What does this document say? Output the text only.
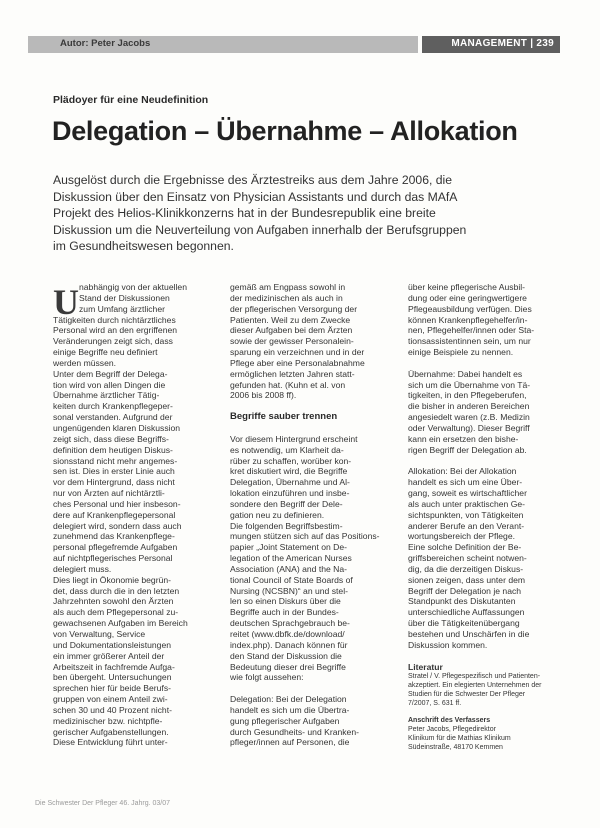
Autor: Peter Jacobs	MANAGEMENT | 239
Plädoyer für eine Neudefinition
Delegation – Übernahme – Allokation
Ausgelöst durch die Ergebnisse des Ärztestreiks aus dem Jahre 2006, die
Diskussion über den Einsatz von Physician Assistants und durch das MAfA
Projekt des Helios-Klinikkonzerns hat in der Bundesrepublik eine breite
Diskussion um die Neuverteilung von Aufgaben innerhalb der Berufsgruppen
im Gesundheitswesen begonnen.
U nabhängig von der aktuellen
Stand der Diskussionen
zum Umfang ärztlicher
Tätigkeiten durch nichtärztliches
Personal wird an den ergriffenen
Veränderungen zeigt sich, dass
einige Begriffe neu definiert
werden müssen.
Unter dem Begriff der Delega-
tion wird von allen Dingen die
Übernahme ärztlicher Tätig-
keiten durch Krankenpflegeper-
sonal verstanden. Aufgrund der
ungenügenden klaren Diskussion
zeigt sich, dass diese Begriffs-
definition dem heutigen Diskus-
sionsstand nicht mehr angemes-
sen ist. Dies in erster Linie auch
vor dem Hintergrund, dass nicht
nur von Ärzten auf nichtärztli-
ches Personal und hier insbeson-
dere auf Krankenpflegepersonal
delegiert wird, sondern dass auch
zunehmend das Krankenpflege-
personal pflegefremde Aufgaben
auf nichtpflegerisches Personal
delegiert muss.
Dies liegt in Ökonomie begrün-
det, dass durch die in den letzten
Jahrzehnten sowohl den Ärzten
als auch dem Pflegepersonal zu-
gewachsenen Aufgaben im Bereich
von Verwaltung, Service
und Dokumentationsleistungen
ein immer größerer Anteil der
Arbeitszeit in fachfremde Aufga-
ben übergeht. Untersuchungen
sprechen hier für beide Berufs-
gruppen von einem Anteil zwi-
schen 30 und 40 Prozent nicht-
medizinischer bzw. nichtpfle-
gerischer Aufgabenstellungen.
Diese Entwicklung führt unter-
gemäß am Engpass sowohl in
der medizinischen als auch in
der pflegerischen Versorgung der
Patienten. Weil zu dem Zwecke
dieser Aufgaben bei dem Ärzten
sowie der gewisser Personalein-
sparung ein verzeichnen und in der
Pflege aber eine Personalabnahme
ermöglichen letzten Jahren statt-
gefunden hat. (Kuhn et al. von
2006 bis 2008 ff).
Begriffe sauber trennen
Vor diesem Hintergrund erscheint
es notwendig, um Klarheit da-
rüber zu schaffen, worüber kon-
kret diskutiert wird, die Begriffe
Delegation, Übernahme und Al-
lokation einzuführen und insbe-
sondere den Begriff der Dele-
gation neu zu definieren.
Die folgenden Begriffsbestim-
mungen stützen sich auf das Positions-
papier „Joint Statement on De-
legation of the American Nurses
Association (ANA) and the Na-
tional Council of State Boards of
Nursing (NCSBN)“ an und stel-
len so einen Diskurs über die
Begriffe auch in der Bundes-
deutschen Sprachgebrauch be-
reitet (www.dbfk.de/download/
index.php). Danach können für
den Stand der Diskussion die
Bedeutung dieser drei Begriffe
wie folgt aussehen:
Delegation: Bei der Delegation
handelt es sich um die Übertra-
gung pflegerischer Aufgaben
durch Gesundheits- und Kranken-
pfleger/innen auf Personen, die
über keine pflegerische Ausbil-
dung oder eine geringwertigere
Pflegeausbildung verfügen. Dies
können Krankenpflegehelfer/in-
nen, Pflegehelfer/innen oder Sta-
tionsassistentinnen sein, um nur
einige Beispiele zu nennen.
Übernahme: Dabei handelt es
sich um die Übernahme von Tä-
tigkeiten, in den Pflegeberufen,
die bisher in anderen Bereichen
angesiedelt waren (z.B. Medizin
oder Verwaltung). Dieser Begriff
kann ein ersetzen den bishe-
rigen Begriff der Delegation ab.
Allokation: Bei der Allokation
handelt es sich um eine Über-
gang, soweit es wirtschaftlicher
als auch unter praktischen Ge-
sichtspunkten, von Tätigkeiten
anderer Berufe an den Verant-
wortungsbereich der Pflege.
Eine solche Definition der Be-
griffsbereichen scheint notwen-
dig, da die derzeitigen Diskus-
sionen zeigen, dass unter dem
Begriff der Delegation je nach
Standpunkt des Diskutanten
unterschiedliche Auffassungen
über die Tätigkeitenübergang
bestehen und Unschärfen in die
Diskussion kommen.
Literatur
Stratel / V. Pflegespezifisch und Patienten-
akzeptiert. Ein elegierten Unternehmen der
Studien für die Schwester Der Pfleger
7/2007, S. 631 ff.
Anschrift des Verfassers
Peter Jacobs, Pflegedirektor
Klinikum für die Mathias Klinikum
Südeinstraße, 48170 Kemmen
Die Schwester Der Pfleger 46. Jahrg. 03/07
